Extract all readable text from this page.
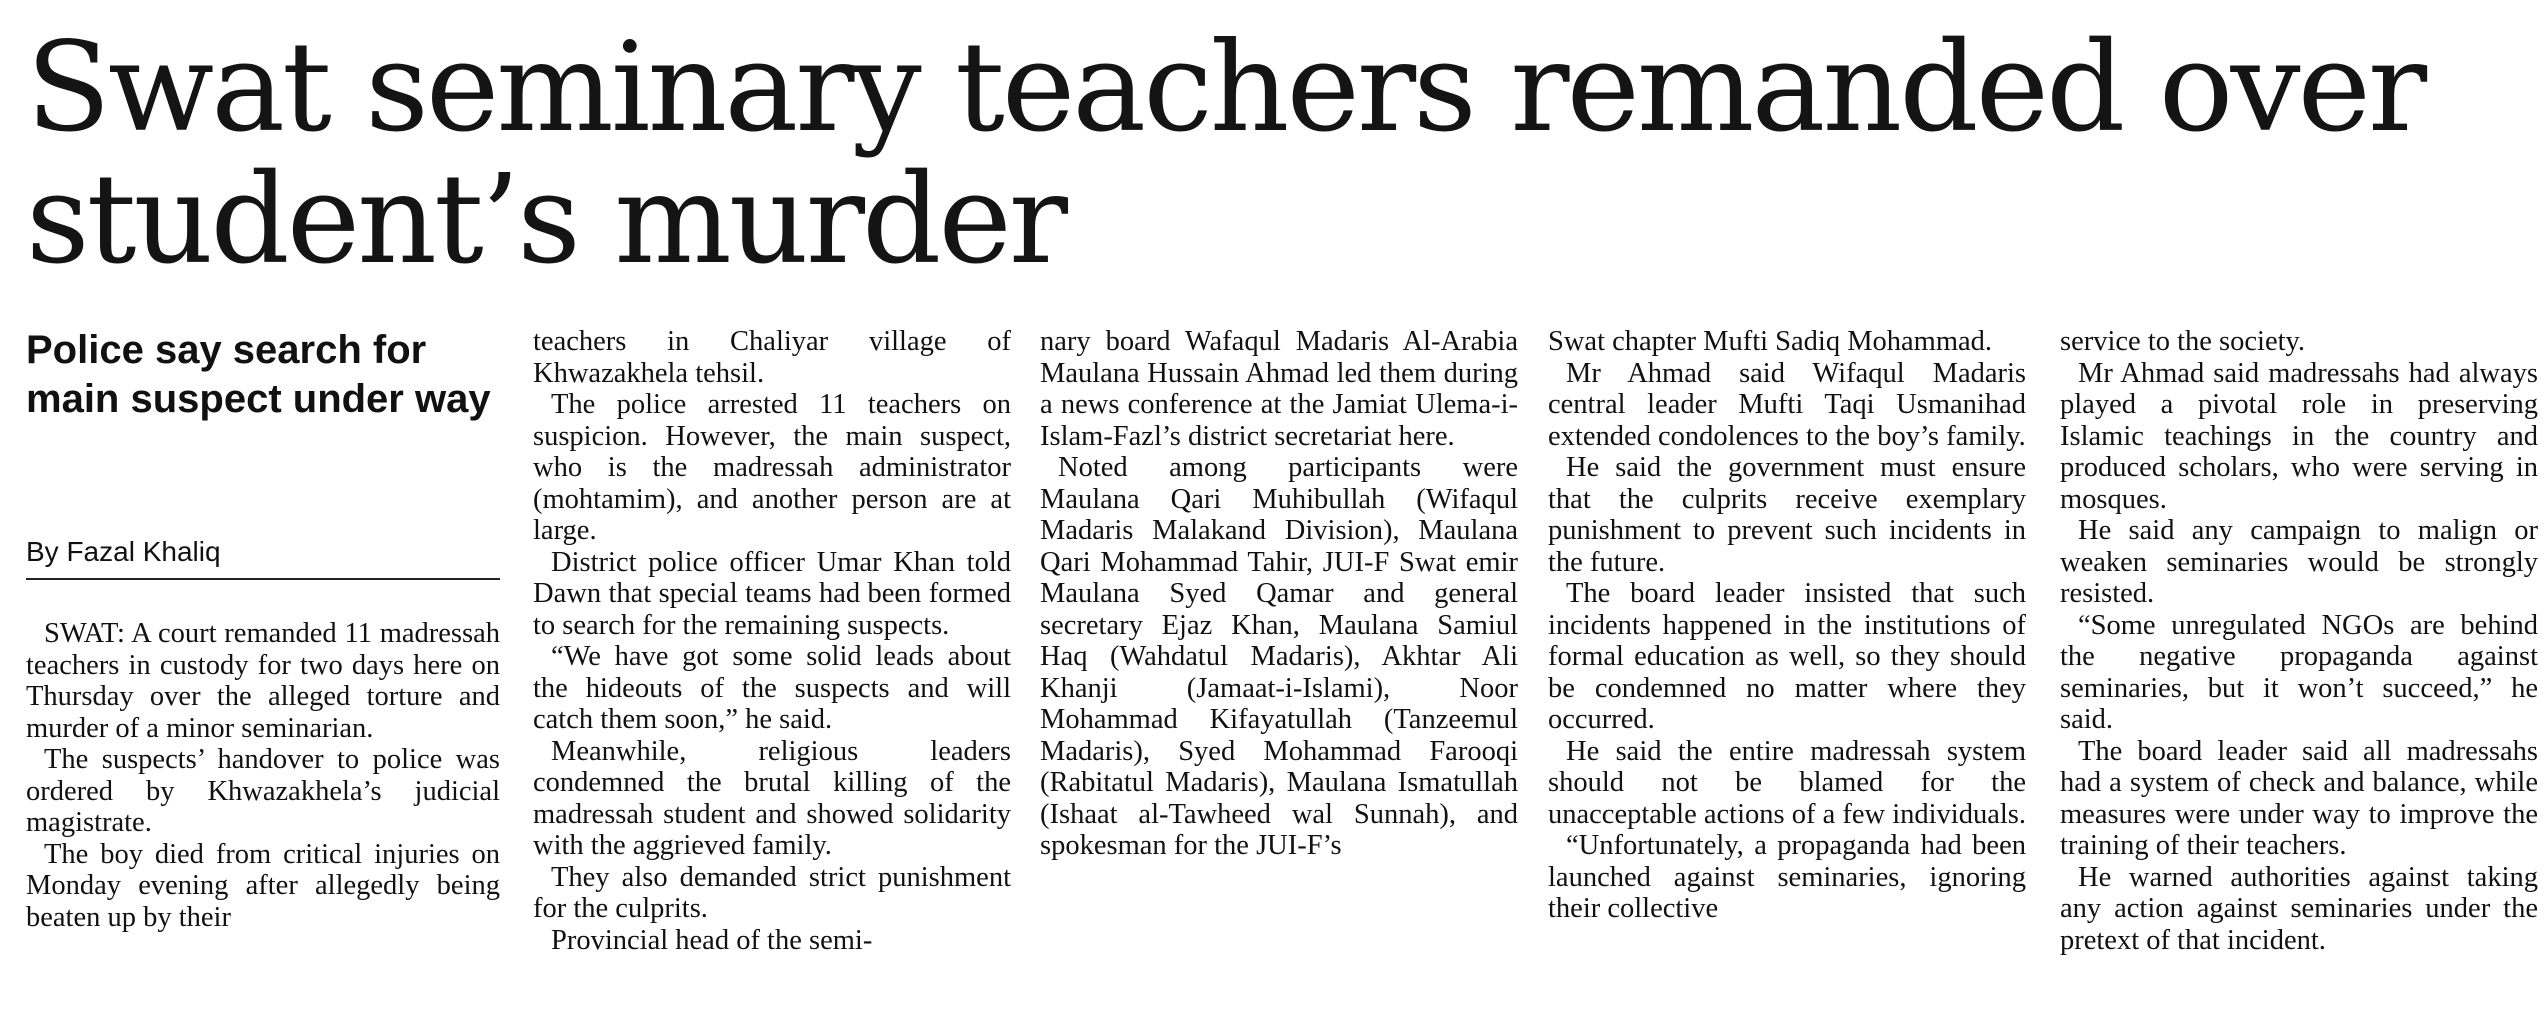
Swat seminary teachers remanded over student’s murder
Police say search for main suspect under way
By Fazal Khaliq

SWAT: A court remanded 11 madressah teachers in custody for two days here on Thursday over the alleged torture and murder of a minor seminarian.

The suspects’ handover to police was ordered by Khwazakhela’s judicial magistrate.

The boy died from critical injuries on Monday evening after allegedly being beaten up by their

teachers in Chaliyar village of Khwazakhela tehsil.

The police arrested 11 teachers on suspicion. However, the main suspect, who is the madressah administrator (mohtamim), and another person are at large.

District police officer Umar Khan told Dawn that special teams had been formed to search for the remaining suspects.

“We have got some solid leads about the hideouts of the suspects and will catch them soon,” he said.

Meanwhile, religious leaders condemned the brutal killing of the madressah student and showed solidarity with the aggrieved family.

They also demanded strict punishment for the culprits.

Provincial head of the semi-

nary board Wafaqul Madaris Al-Arabia Maulana Hussain Ahmad led them during a news conference at the Jamiat Ulema-i-Islam-Fazl’s district secretariat here.

Noted among participants were Maulana Qari Muhibullah (Wifaqul Madaris Malakand Division), Maulana Qari Mohammad Tahir, JUI-F Swat emir Maulana Syed Qamar and general secretary Ejaz Khan, Maulana Samiul Haq (Wahdatul Madaris), Akhtar Ali Khanji (Jamaat-i-Islami), Noor Mohammad Kifayatullah (Tanzeemul Madaris), Syed Mohammad Farooqi (Rabitatul Madaris), Maulana Ismatullah (Ishaat al-Tawheed wal Sunnah), and spokesman for the JUI-F’s

Swat chapter Mufti Sadiq Mohammad.

Mr Ahmad said Wifaqul Madaris central leader Mufti Taqi Usmanihad extended condolences to the boy’s family.

He said the government must ensure that the culprits receive exemplary punishment to prevent such incidents in the future.

The board leader insisted that such incidents happened in the institutions of formal education as well, so they should be condemned no matter where they occurred.

He said the entire madressah system should not be blamed for the unacceptable actions of a few individuals.

“Unfortunately, a propaganda had been launched against seminaries, ignoring their collective

service to the society.

Mr Ahmad said madressahs had always played a pivotal role in preserving Islamic teachings in the country and produced scholars, who were serving in mosques.

He said any campaign to malign or weaken seminaries would be strongly resisted.

“Some unregulated NGOs are behind the negative propaganda against seminaries, but it won’t succeed,” he said.

The board leader said all madressahs had a system of check and balance, while measures were under way to improve the training of their teachers.

He warned authorities against taking any action against seminaries under the pretext of that incident.
